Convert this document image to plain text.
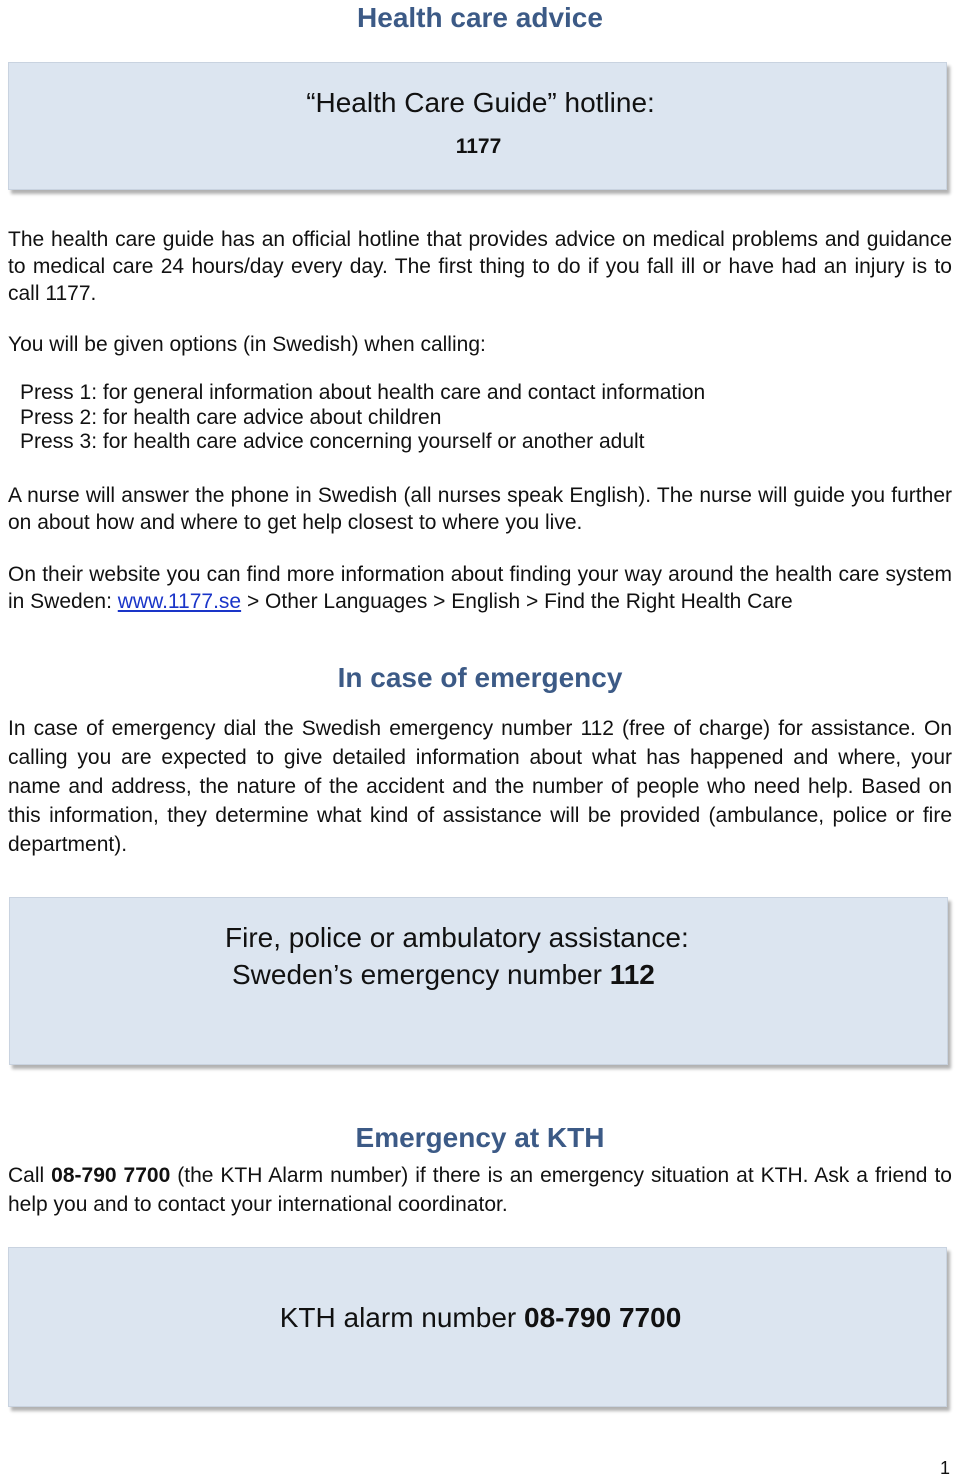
Health care advice

“Health Care Guide” hotline:

1177

The health care guide has an official hotline that provides advice on medical problems and guidance to medical care 24 hours/day every day. The first thing to do if you fall ill or have had an injury is to call 1177.

You will be given options (in Swedish) when calling:

Press 1: for general information about health care and contact information
Press 2: for health care advice about children
Press 3: for health care advice concerning yourself or another adult

A nurse will answer the phone in Swedish (all nurses speak English). The nurse will guide you further on about how and where to get help closest to where you live.

On their website you can find more information about finding your way around the health care system in Sweden: www.1177.se > Other Languages > English > Find the Right Health Care

In case of emergency

In case of emergency dial the Swedish emergency number 112 (free of charge) for assistance. On calling you are expected to give detailed information about what has happened and where, your name and address, the nature of the accident and the number of people who need help. Based on this information, they determine what kind of assistance will be provided (ambulance, police or fire department).

Fire, police or ambulatory assistance:

Sweden’s emergency number 112

Emergency at KTH

Call 08-790 7700 (the KTH Alarm number) if there is an emergency situation at KTH. Ask a friend to help you and to contact your international coordinator.

KTH alarm number 08-790 7700

1
